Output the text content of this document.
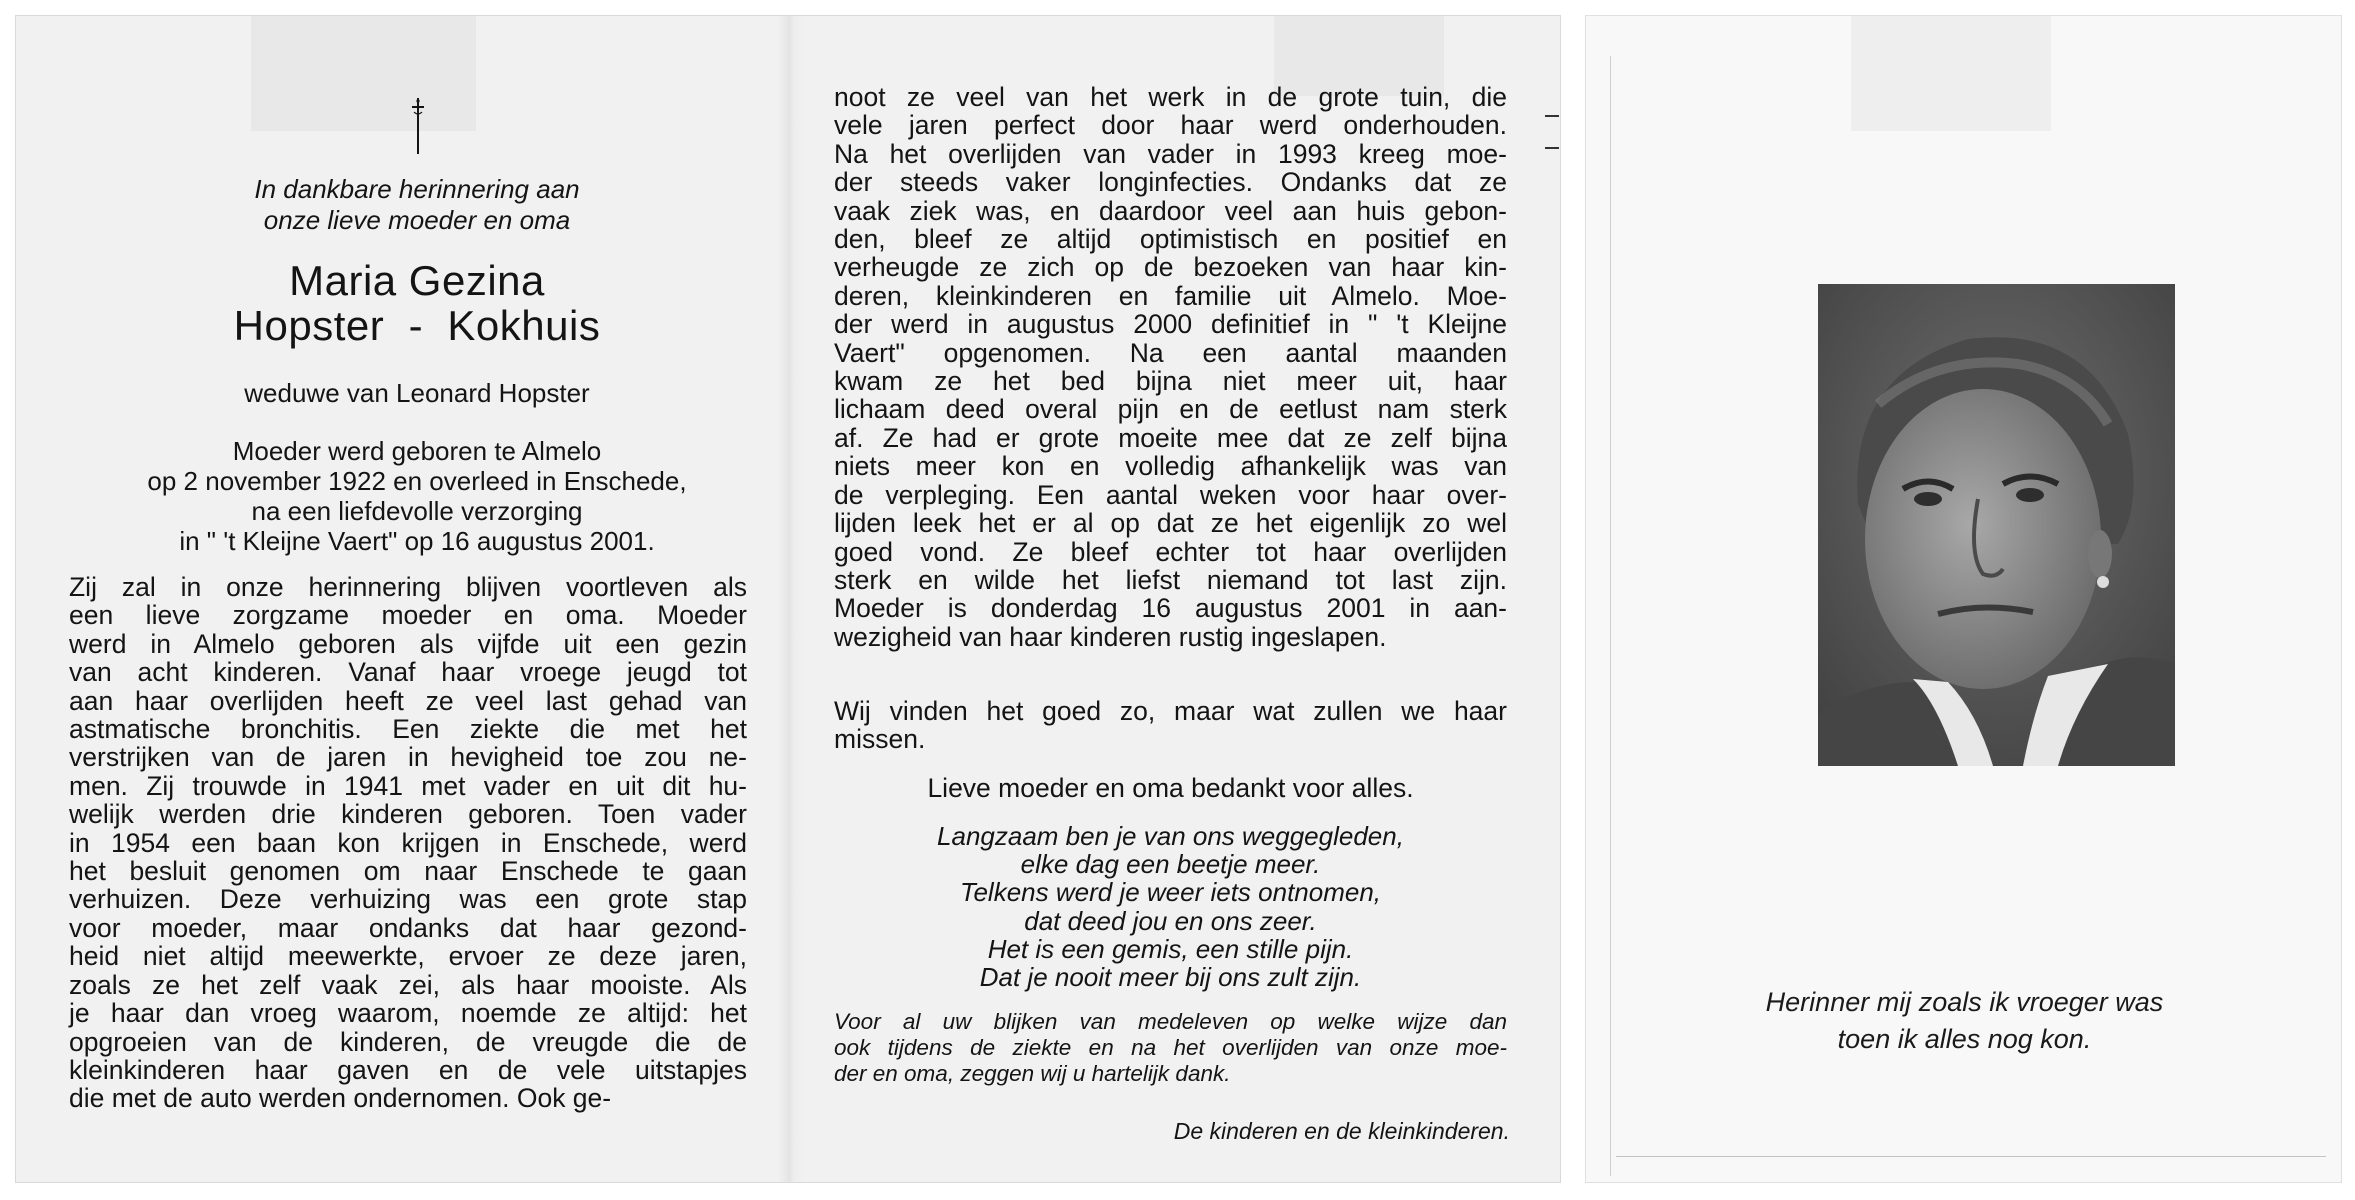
In dankbare herinnering aan
onze lieve moeder en oma
Maria Gezina
Hopster  -  Kokhuis
weduwe van Leonard Hopster
Moeder werd geboren te Almelo
op 2 november 1922 en overleed in Enschede,
na een liefdevolle verzorging
in " 't Kleijne Vaert" op 16 augustus 2001.
Zij zal in onze herinnering blijven voortleven als
een lieve zorgzame moeder en oma. Moeder
werd in Almelo geboren als vijfde uit een gezin
van acht kinderen. Vanaf haar vroege jeugd tot
aan haar overlijden heeft ze veel last gehad van
astmatische bronchitis. Een ziekte die met het
verstrijken van de jaren in hevigheid toe zou ne-
men. Zij trouwde in 1941 met vader en uit dit hu-
welijk werden drie kinderen geboren. Toen vader
in 1954 een baan kon krijgen in Enschede, werd
het besluit genomen om naar Enschede te gaan
verhuizen. Deze verhuizing was een grote stap
voor moeder, maar ondanks dat haar gezond-
heid niet altijd meewerkte, ervoer ze deze jaren,
zoals ze het zelf vaak zei, als haar mooiste. Als
je haar dan vroeg waarom, noemde ze altijd: het
opgroeien van de kinderen, de vreugde die de
kleinkinderen haar gaven en de vele uitstapjes
die met de auto werden ondernomen. Ook ge-
noot ze veel van het werk in de grote tuin, die
vele jaren perfect door haar werd onderhouden.
Na het overlijden van vader in 1993 kreeg moe-
der steeds vaker longinfecties. Ondanks dat ze
vaak ziek was, en daardoor veel aan huis gebon-
den, bleef ze altijd optimistisch en positief en
verheugde ze zich op de bezoeken van haar kin-
deren, kleinkinderen en familie uit Almelo. Moe-
der werd in augustus 2000 definitief in " 't Kleijne
Vaert" opgenomen. Na een aantal maanden
kwam ze het bed bijna niet meer uit, haar
lichaam deed overal pijn en de eetlust nam sterk
af. Ze had er grote moeite mee dat ze zelf bijna
niets meer kon en volledig afhankelijk was van
de verpleging. Een aantal weken voor haar over-
lijden leek het er al op dat ze het eigenlijk zo wel
goed vond. Ze bleef echter tot haar overlijden
sterk en wilde het liefst niemand tot last zijn.
Moeder is donderdag 16 augustus 2001 in aan-
wezigheid van haar kinderen rustig ingeslapen.
Wij vinden het goed zo, maar wat zullen we haar
missen.
Lieve moeder en oma bedankt voor alles.
Langzaam ben je van ons weggegleden,
elke dag een beetje meer.
Telkens werd je weer iets ontnomen,
dat deed jou en ons zeer.
Het is een gemis, een stille pijn.
Dat je nooit meer bij ons zult zijn.
Voor al uw blijken van medeleven op welke wijze dan
ook tijdens de ziekte en na het overlijden van onze moe-
der en oma, zeggen wij u hartelijk dank.
De kinderen en de kleinkinderen.
Herinner mij zoals ik vroeger was
toen ik alles nog kon.
